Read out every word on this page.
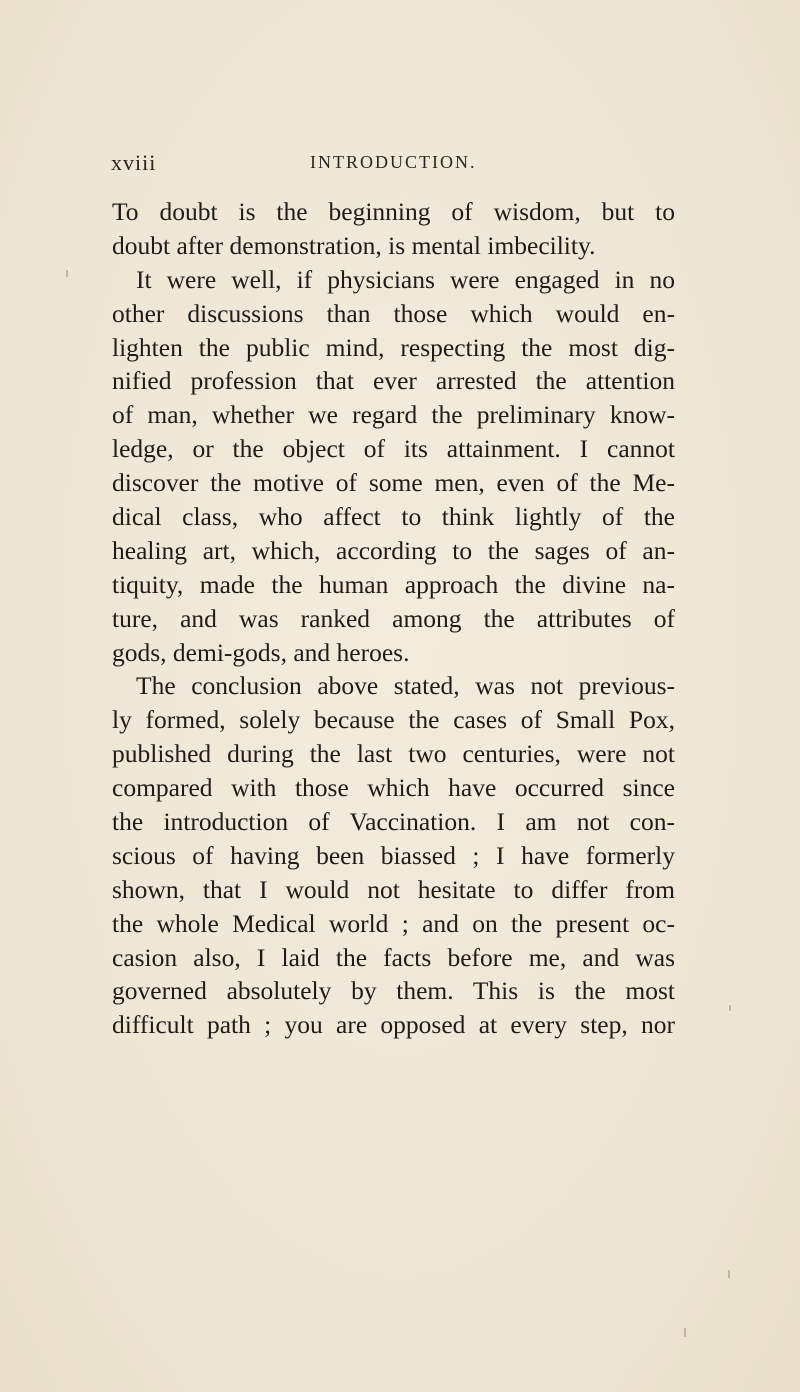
xviii	INTRODUCTION.
To doubt is the beginning of wisdom, but to
doubt after demonstration, is mental imbecility.
It were well, if physicians were engaged in no
other discussions than those which would en-
lighten the public mind, respecting the most dig-
nified profession that ever arrested the attention
of man, whether we regard the preliminary know-
ledge, or the object of its attainment. I cannot
discover the motive of some men, even of the Me-
dical class, who affect to think lightly of the
healing art, which, according to the sages of an-
tiquity, made the human approach the divine na-
ture, and was ranked among the attributes of
gods, demi-gods, and heroes.
The conclusion above stated, was not previous-
ly formed, solely because the cases of Small Pox,
published during the last two centuries, were not
compared with those which have occurred since
the introduction of Vaccination. I am not con-
scious of having been biassed ; I have formerly
shown, that I would not hesitate to differ from
the whole Medical world ; and on the present oc-
casion also, I laid the facts before me, and was
governed absolutely by them. This is the most
difficult path ; you are opposed at every step, nor
